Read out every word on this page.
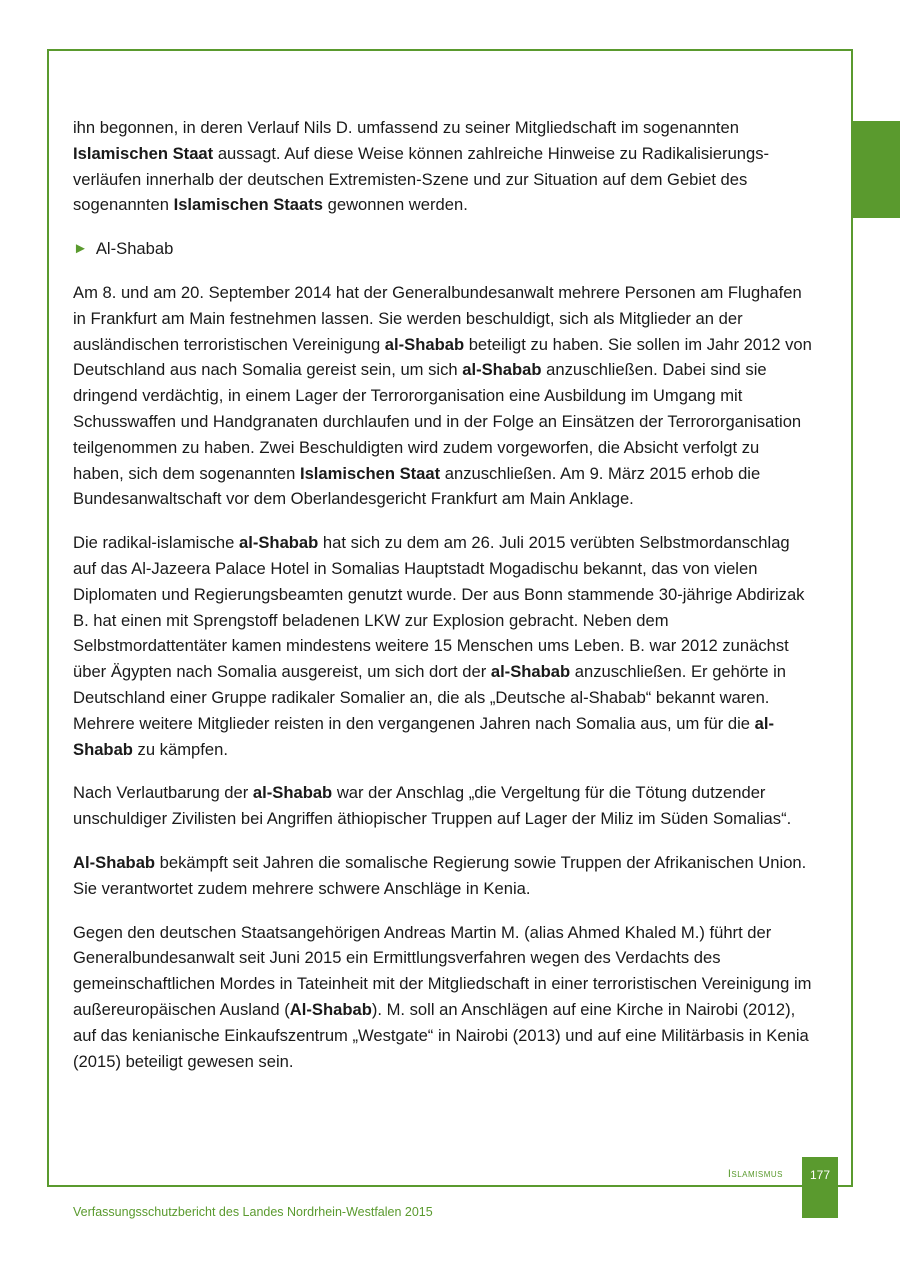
ihn begonnen, in deren Verlauf Nils D. umfassend zu seiner Mitgliedschaft im sogenannten Islamischen Staat aussagt. Auf diese Weise können zahlreiche Hinweise zu Radikalisierungs-verläufen innerhalb der deutschen Extremisten-Szene und zur Situation auf dem Gebiet des sogenannten Islamischen Staats gewonnen werden.

► Al-Shabab

Am 8. und am 20. September 2014 hat der Generalbundesanwalt mehrere Personen am Flughafen in Frankfurt am Main festnehmen lassen. Sie werden beschuldigt, sich als Mitglieder an der ausländischen terroristischen Vereinigung al-Shabab beteiligt zu haben. Sie sollen im Jahr 2012 von Deutschland aus nach Somalia gereist sein, um sich al-Shabab anzuschließen. Dabei sind sie dringend verdächtig, in einem Lager der Terrororganisation eine Ausbildung im Umgang mit Schusswaffen und Handgranaten durchlaufen und in der Folge an Einsätzen der Terrororganisation teilgenommen zu haben. Zwei Beschuldigten wird zudem vorgeworfen, die Absicht verfolgt zu haben, sich dem sogenannten Islamischen Staat anzuschließen. Am 9. März 2015 erhob die Bundesanwaltschaft vor dem Oberlandesgericht Frankfurt am Main Anklage.

Die radikal-islamische al-Shabab hat sich zu dem am 26. Juli 2015 verübten Selbstmordanschlag auf das Al-Jazeera Palace Hotel in Somalias Hauptstadt Mogadischu bekannt, das von vielen Diplomaten und Regierungsbeamten genutzt wurde. Der aus Bonn stammende 30-jährige Abdirizak B. hat einen mit Sprengstoff beladenen LKW zur Explosion gebracht. Neben dem Selbstmordattentäter kamen mindestens weitere 15 Menschen ums Leben. B. war 2012 zunächst über Ägypten nach Somalia ausgereist, um sich dort der al-Shabab anzuschließen. Er gehörte in Deutschland einer Gruppe radikaler Somalier an, die als „Deutsche al-Shabab“ bekannt waren. Mehrere weitere Mitglieder reisten in den vergangenen Jahren nach Somalia aus, um für die al-Shabab zu kämpfen.

Nach Verlautbarung der al-Shabab war der Anschlag „die Vergeltung für die Tötung dutzender unschuldiger Zivilisten bei Angriffen äthiopischer Truppen auf Lager der Miliz im Süden Somalias“.

Al-Shabab bekämpft seit Jahren die somalische Regierung sowie Truppen der Afrikanischen Union. Sie verantwortet zudem mehrere schwere Anschläge in Kenia.

Gegen den deutschen Staatsangehörigen Andreas Martin M. (alias Ahmed Khaled M.) führt der Generalbundesanwalt seit Juni 2015 ein Ermittlungsverfahren wegen des Verdachts des gemeinschaftlichen Mordes in Tateinheit mit der Mitgliedschaft in einer terroristischen Vereinigung im außereuropäischen Ausland (Al-Shabab). M. soll an Anschlägen auf eine Kirche in Nairobi (2012), auf das kenianische Einkaufszentrum „Westgate“ in Nairobi (2013) und auf eine Militärbasis in Kenia (2015) beteiligt gewesen sein.

Islamismus	177
Verfassungsschutzbericht des Landes Nordrhein-Westfalen 2015
